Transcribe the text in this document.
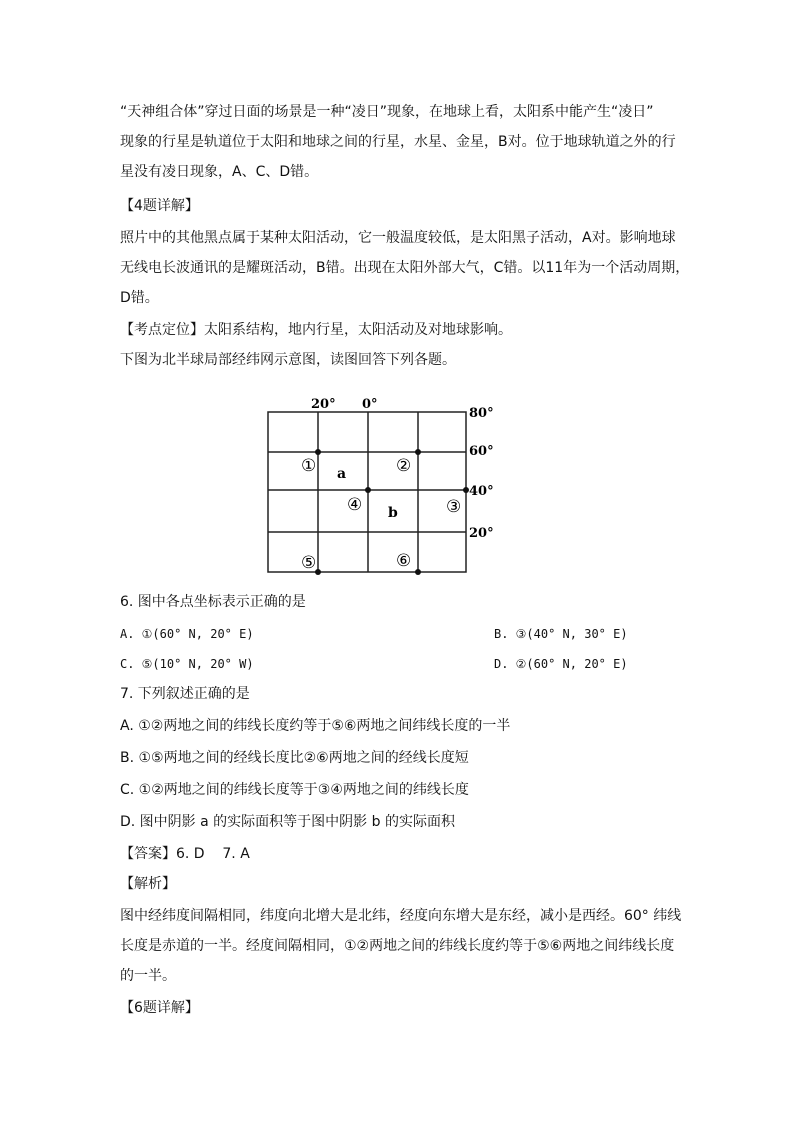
“天神组合体”穿过日面的场景是一种“凌日”现象，在地球上看，太阳系中能产生“凌日”
现象的行星是轨道位于太阳和地球之间的行星，水星、金星，B对。位于地球轨道之外的行
星没有凌日现象，A、C、D错。
【4题详解】
照片中的其他黑点属于某种太阳活动，它一般温度较低，是太阳黑子活动，A对。影响地球
无线电长波通讯的是耀斑活动，B错。出现在太阳外部大气，C错。以11年为一个活动周期，
D错。
【考点定位】太阳系结构，地内行星，太阳活动及对地球影响。
下图为北半球局部经纬网示意图，读图回答下列各题。
20° 0°
80°
60°
40°
20°
①	②
③
④
⑤	⑥
a
b
6. 图中各点坐标表示正确的是
A. ①(60° N, 20° E)	B. ③(40° N, 30° E)
C. ⑤(10° N, 20° W)	D. ②(60° N, 20° E)
7. 下列叙述正确的是
A. ①②两地之间的纬线长度约等于⑤⑥两地之间纬线长度的一半
B. ①⑤两地之间的经线长度比②⑥两地之间的经线长度短
C. ①②两地之间的纬线长度等于③④两地之间的纬线长度
D. 图中阴影 a 的实际面积等于图中阴影 b 的实际面积
【答案】6. D    7. A
【解析】
图中经纬度间隔相同，纬度向北增大是北纬，经度向东增大是东经，减小是西经。60° 纬线
长度是赤道的一半。经度间隔相同，①②两地之间的纬线长度约等于⑤⑥两地之间纬线长度
的一半。
【6题详解】
